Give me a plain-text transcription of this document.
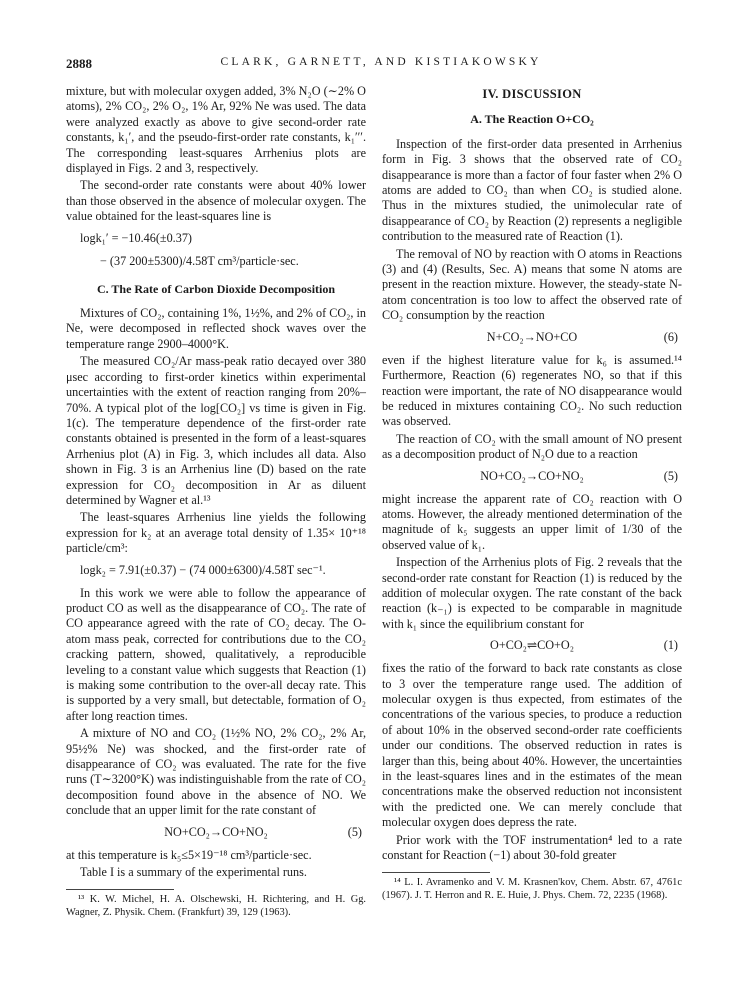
2888	CLARK, GARNETT, AND KISTIAKOWSKY

mixture, but with molecular oxygen added, 3% N₂O (∼2% O atoms), 2% CO₂, 2% O₂, 1% Ar, 92% Ne was used. The data were analyzed exactly as above to give second-order rate constants, k₁′, and the pseudo-first-order rate constants, k₁′′′. The corresponding least-squares Arrhenius plots are displayed in Figs. 2 and 3, respectively.

The second-order rate constants were about 40% lower than those observed in the absence of molecular oxygen. The value obtained for the least-squares line is

logk₁′ = −10.46(±0.37)
− (37 200±5300)/4.58T cm³/particle·sec.
C. The Rate of Carbon Dioxide Decomposition

Mixtures of CO₂, containing 1%, 1½%, and 2% of CO₂, in Ne, were decomposed in reflected shock waves over the temperature range 2900–4000°K.

The measured CO₂/Ar mass-peak ratio decayed over 380 μsec according to first-order kinetics within experimental uncertainties with the extent of reaction ranging from 20%–70%. A typical plot of the log[CO₂] vs time is given in Fig. 1(c). The temperature dependence of the first-order rate constants obtained is presented in the form of a least-squares Arrhenius plot (A) in Fig. 3, which includes all data. Also shown in Fig. 3 is an Arrhenius line (D) based on the rate expression for CO₂ decomposition in Ar as diluent determined by Wagner et al.¹³

The least-squares Arrhenius line yields the following expression for k₂ at an average total density of 1.35× 10⁺¹⁸ particle/cm³:

logk₂ = 7.91(±0.37) − (74 000±6300)/4.58T sec⁻¹.

In this work we were able to follow the appearance of product CO as well as the disappearance of CO₂. The rate of CO appearance agreed with the rate of CO₂ decay. The O-atom mass peak, corrected for contributions due to the CO₂ cracking pattern, showed, qualitatively, a reproducible leveling to a constant value which suggests that Reaction (1) is making some contribution to the over-all decay rate. This is supported by a very small, but detectable, formation of O₂ after long reaction times.

A mixture of NO and CO₂ (1½% NO, 2% CO₂, 2% Ar, 95½% Ne) was shocked, and the first-order rate of disappearance of CO₂ was evaluated. The rate for the five runs (T∼3200°K) was indistinguishable from the rate of CO₂ decomposition found above in the absence of NO. We conclude that an upper limit for the rate constant of

NO+CO₂→CO+NO₂	(5)

at this temperature is k₅≤5×19⁻¹⁸ cm³/particle·sec.

Table I is a summary of the experimental runs.

¹³ K. W. Michel, H. A. Olschewski, H. Richtering, and H. Gg. Wagner, Z. Physik. Chem. (Frankfurt) 39, 129 (1963).

IV. DISCUSSION
A. The Reaction O+CO₂

Inspection of the first-order data presented in Arrhenius form in Fig. 3 shows that the observed rate of CO₂ disappearance is more than a factor of four faster when 2% O atoms are added to CO₂ than when CO₂ is studied alone. Thus in the mixtures studied, the unimolecular rate of disappearance of CO₂ by Reaction (2) represents a negligible contribution to the measured rate of Reaction (1).

The removal of NO by reaction with O atoms in Reactions (3) and (4) (Results, Sec. A) means that some N atoms are present in the reaction mixture. However, the steady-state N-atom concentration is too low to affect the observed rate of CO₂ consumption by the reaction

N+CO₂→NO+CO	(6)

even if the highest literature value for k₆ is assumed.¹⁴ Furthermore, Reaction (6) regenerates NO, so that if this reaction were important, the rate of NO disappearance would be reduced in mixtures containing CO₂. No such reduction was observed.

The reaction of CO₂ with the small amount of NO present as a decomposition product of N₂O due to a reaction

NO+CO₂→CO+NO₂	(5)

might increase the apparent rate of CO₂ reaction with O atoms. However, the already mentioned determination of the magnitude of k₅ suggests an upper limit of 1/30 of the observed value of k₁.

Inspection of the Arrhenius plots of Fig. 2 reveals that the second-order rate constant for Reaction (1) is reduced by the addition of molecular oxygen. The rate constant of the back reaction (k₋₁) is expected to be comparable in magnitude with k₁ since the equilibrium constant for

O+CO₂⇌CO+O₂	(1)

fixes the ratio of the forward to back rate constants as close to 3 over the temperature range used. The addition of molecular oxygen is thus expected, from estimates of the concentrations of the various species, to produce a reduction of about 10% in the observed second-order rate coefficients under our conditions. The observed reduction in rates is larger than this, being about 40%. However, the uncertainties in the least-squares lines and in the estimates of the mean concentrations make the observed reduction not inconsistent with the predicted one. We can merely conclude that molecular oxygen does depress the rate.

Prior work with the TOF instrumentation⁴ led to a rate constant for Reaction (−1) about 30-fold greater

¹⁴ L. I. Avramenko and V. M. Krasnen'kov, Chem. Abstr. 67, 4761c (1967). J. T. Herron and R. E. Huie, J. Phys. Chem. 72, 2235 (1968).
